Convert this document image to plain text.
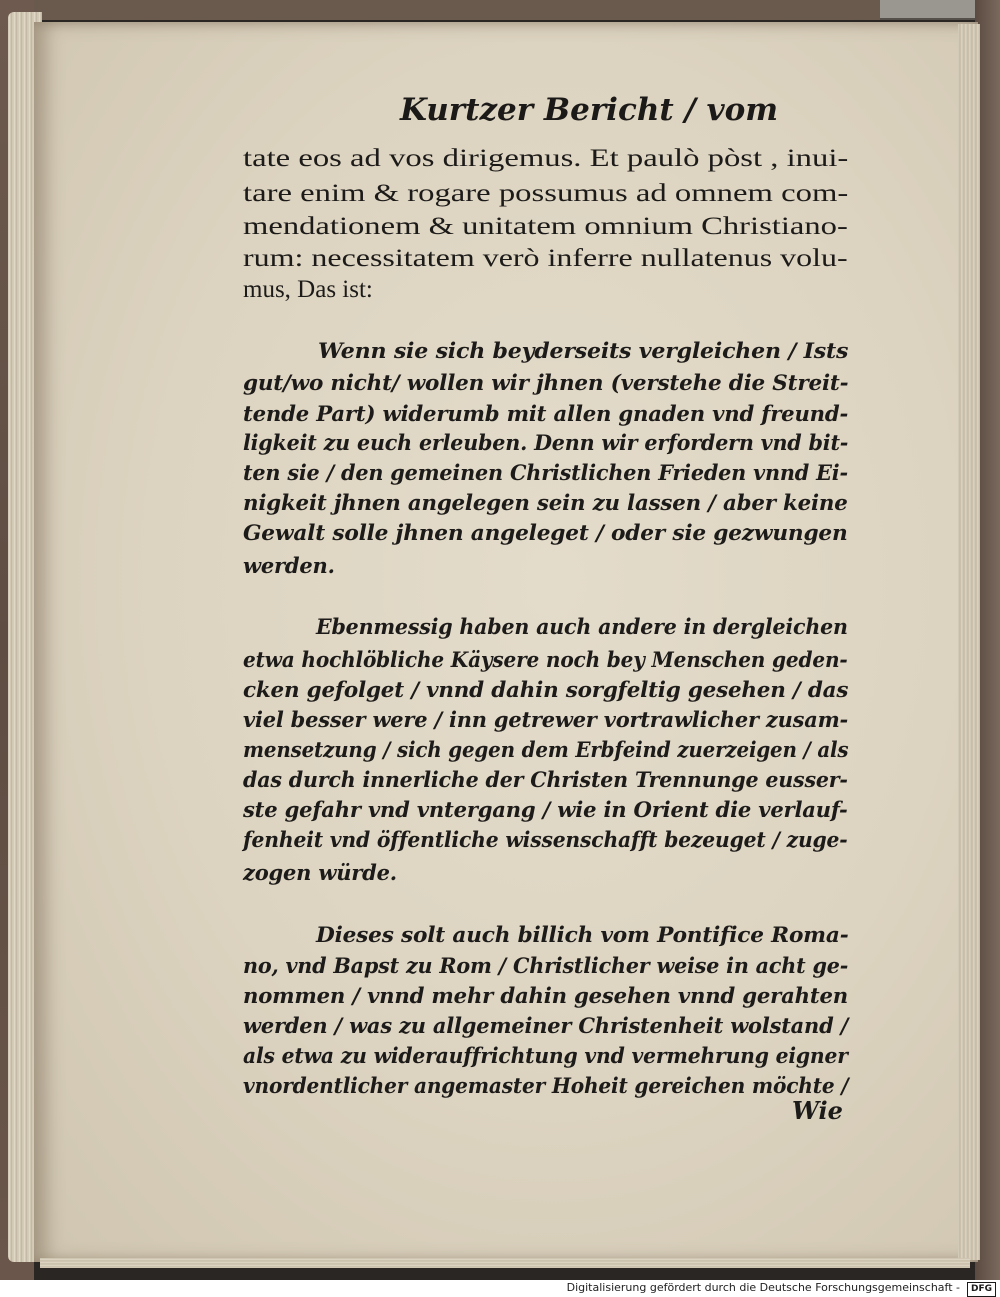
Kurtzer Bericht / vom

tate eos ad vos dirigemus. Et paulò pòst , inui-

tare enim & rogare possumus ad omnem com-

mendationem & unitatem omnium Christiano-

rum: necessitatem verò inferre nullatenus volu-

mus, Das ist:

Wenn sie sich beyderseits vergleichen / Ists

gut/wo nicht/ wollen wir jhnen (verstehe die Streit-

tende Part) widerumb mit allen gnaden vnd freund-

ligkeit zu euch erleuben. Denn wir erfordern vnd bit-

ten sie / den gemeinen Christlichen Frieden vnnd Ei-

nigkeit jhnen angelegen sein zu lassen / aber keine

Gewalt solle jhnen angeleget / oder sie gezwungen

werden.

Ebenmessig haben auch andere in dergleichen

etwa hochlöbliche Käysere noch bey Menschen geden-

cken gefolget / vnnd dahin sorgfeltig gesehen / das

viel besser were / inn getrewer vortrawlicher zusam-

mensetzung / sich gegen dem Erbfeind zuerzeigen / als

das durch innerliche der Christen Trennunge eusser-

ste gefahr vnd vntergang / wie in Orient die verlauf-

fenheit vnd öffentliche wissenschafft bezeuget / zuge-

zogen würde.

Dieses solt auch billich vom Pontifice Roma-

no, vnd Bapst zu Rom / Christlicher weise in acht ge-

nommen / vnnd mehr dahin gesehen vnnd gerahten

werden / was zu allgemeiner Christenheit wolstand /

als etwa zu widerauffrichtung vnd vermehrung eigner

vnordentlicher angemaster Hoheit gereichen möchte /

Wie

Digitalisierung gefördert durch die Deutsche Forschungsgemeinschaft -	DFG
